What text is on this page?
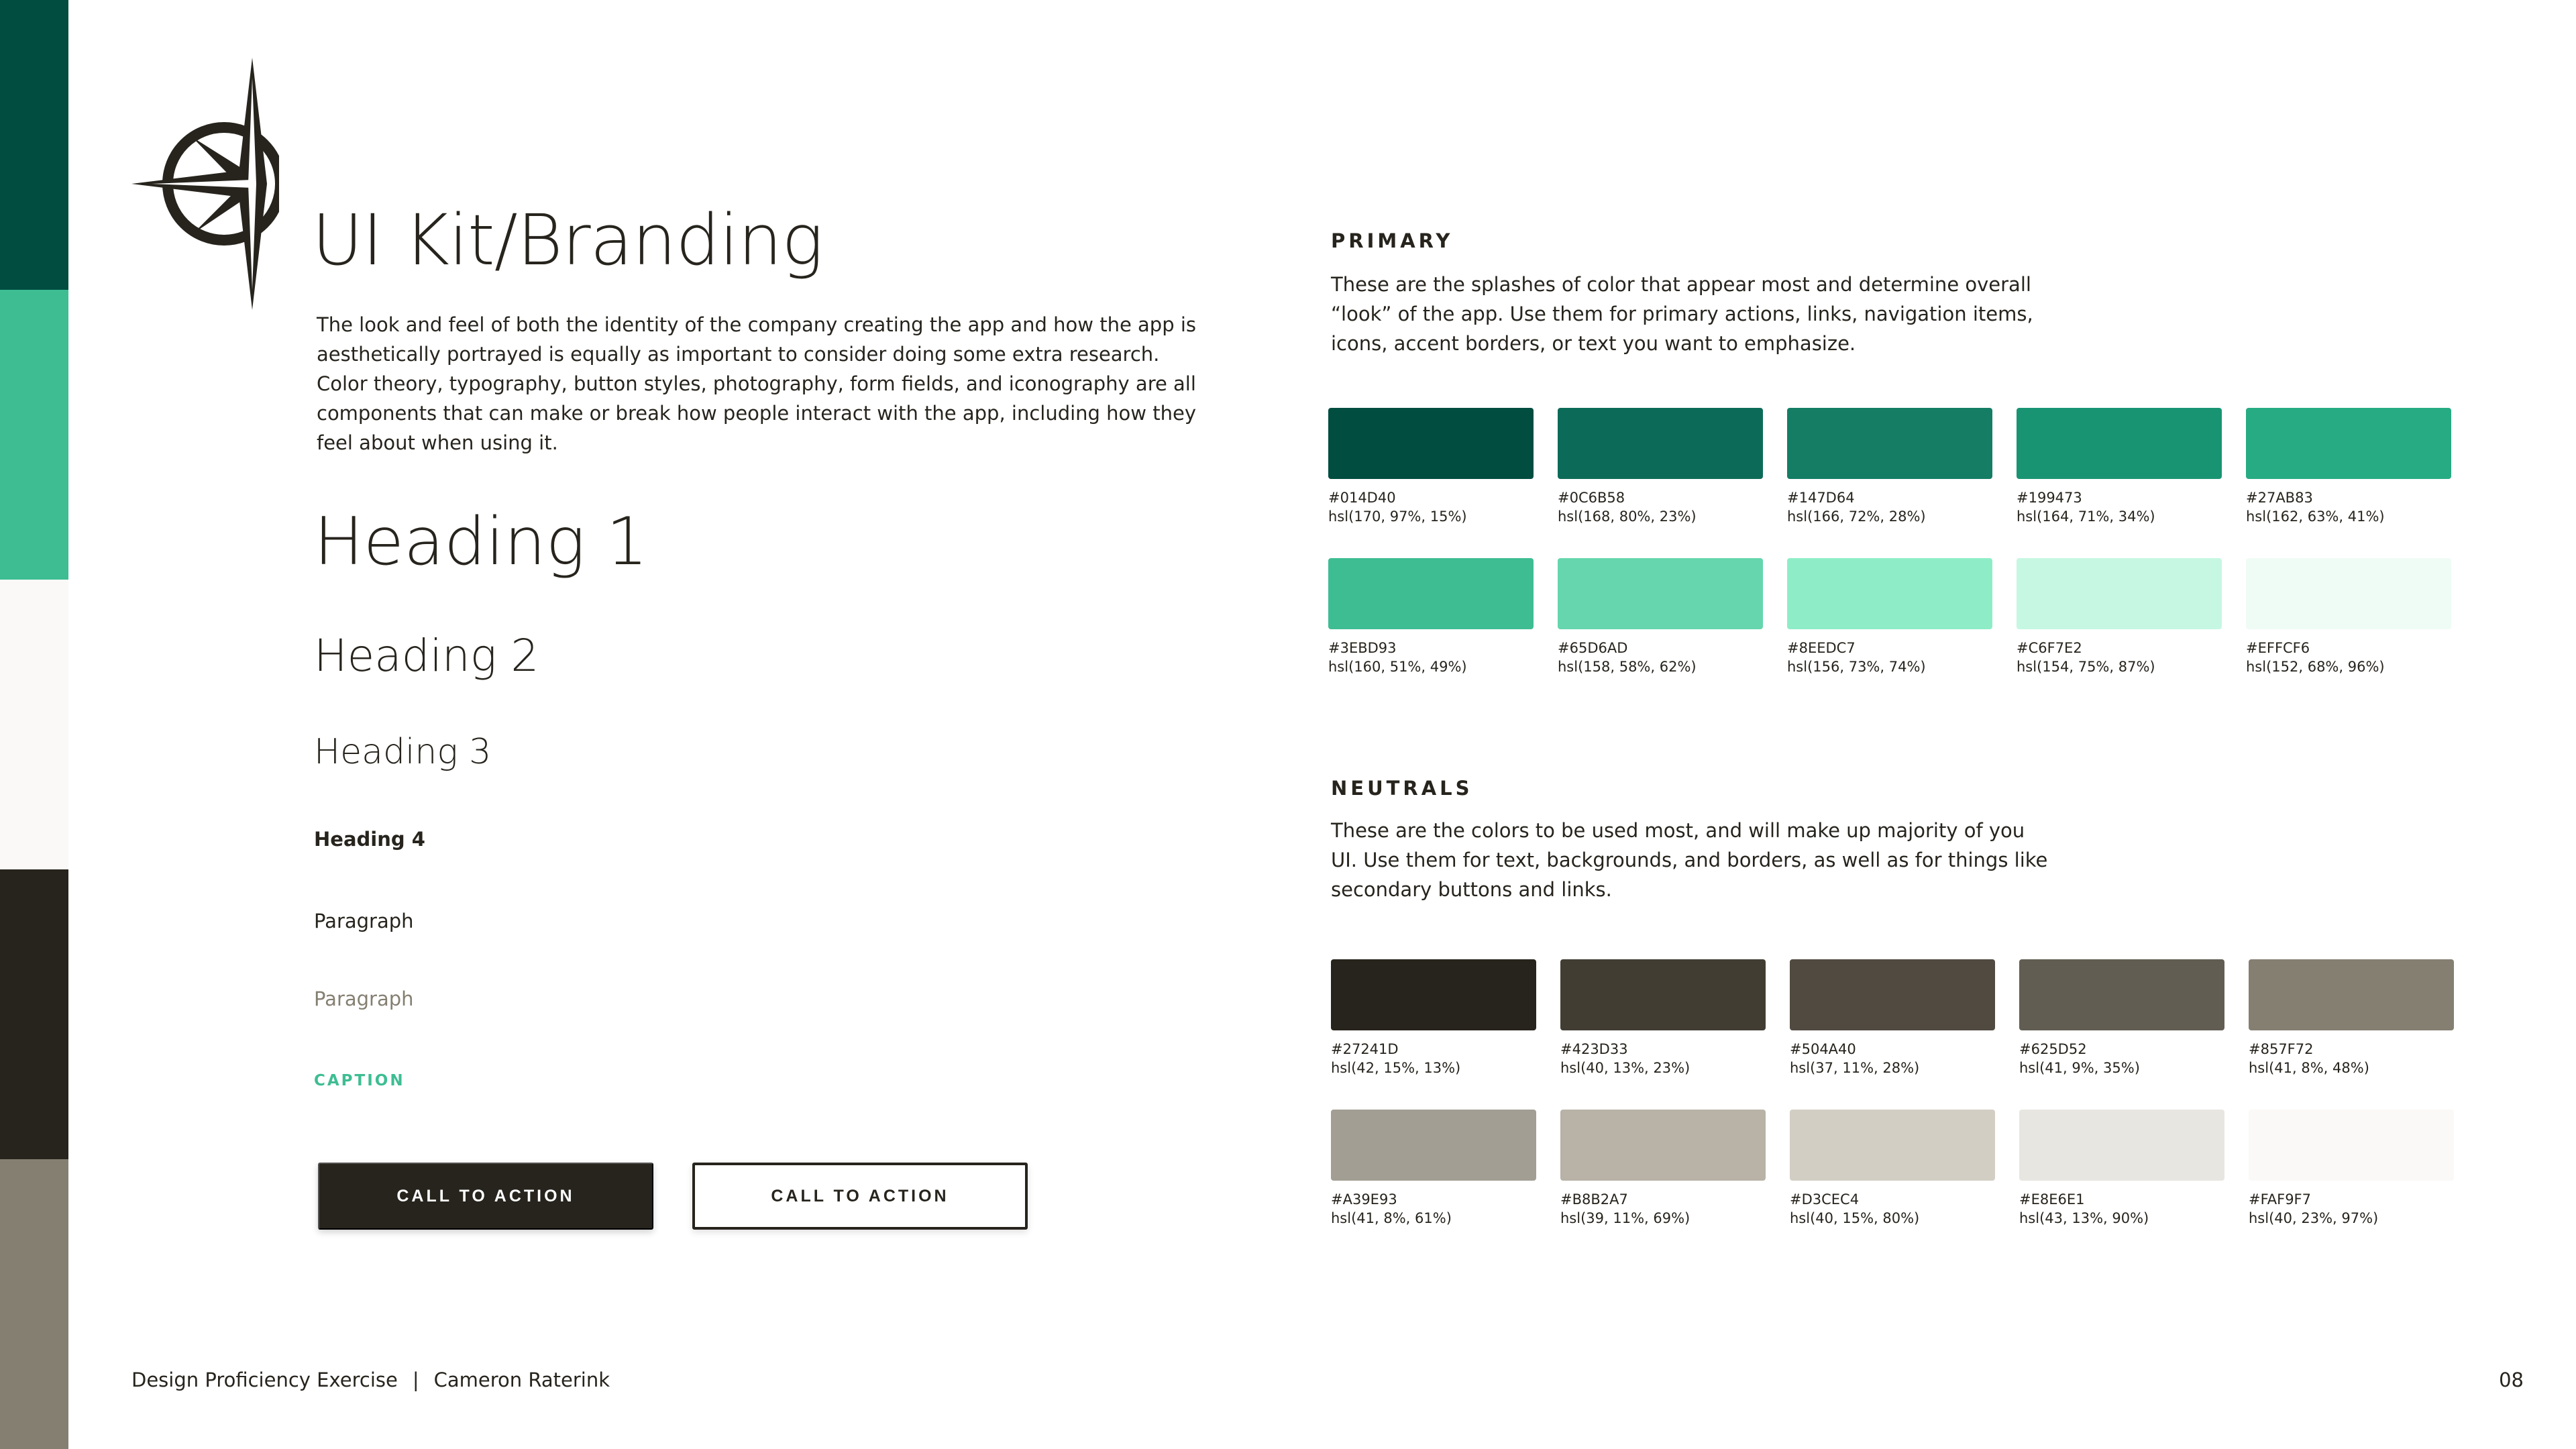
UI Kit/Branding

The look and feel of both the identity of the company creating the app and how the app is aesthetically portrayed is equally as important to consider doing some extra research. Color theory, typography, button styles, photography, form fields, and iconography are all components that can make or break how people interact with the app, including how they feel about when using it.

Heading 1
Heading 2
Heading 3
Heading 4
Paragraph
Paragraph
CAPTION
CALL TO ACTION	CALL TO ACTION
PRIMARY

These are the splashes of color that appear most and determine overall “look” of the app. Use them for primary actions, links, navigation items, icons, accent borders, or text you want to emphasize.

#014D40
hsl(170, 97%, 15%)
#0C6B58
hsl(168, 80%, 23%)
#147D64
hsl(166, 72%, 28%)
#199473
hsl(164, 71%, 34%)
#27AB83
hsl(162, 63%, 41%)
#3EBD93
hsl(160, 51%, 49%)
#65D6AD
hsl(158, 58%, 62%)
#8EEDC7
hsl(156, 73%, 74%)
#C6F7E2
hsl(154, 75%, 87%)
#EFFCF6
hsl(152, 68%, 96%)
NEUTRALS

These are the colors to be used most, and will make up majority of you UI. Use them for text, backgrounds, and borders, as well as for things like secondary buttons and links.

#27241D
hsl(42, 15%, 13%)
#423D33
hsl(40, 13%, 23%)
#504A40
hsl(37, 11%, 28%)
#625D52
hsl(41, 9%, 35%)
#857F72
hsl(41, 8%, 48%)
#A39E93
hsl(41, 8%, 61%)
#B8B2A7
hsl(39, 11%, 69%)
#D3CEC4
hsl(40, 15%, 80%)
#E8E6E1
hsl(43, 13%, 90%)
#FAF9F7
hsl(40, 23%, 97%)
Design Proficiency Exercise | Cameron Raterink	08
